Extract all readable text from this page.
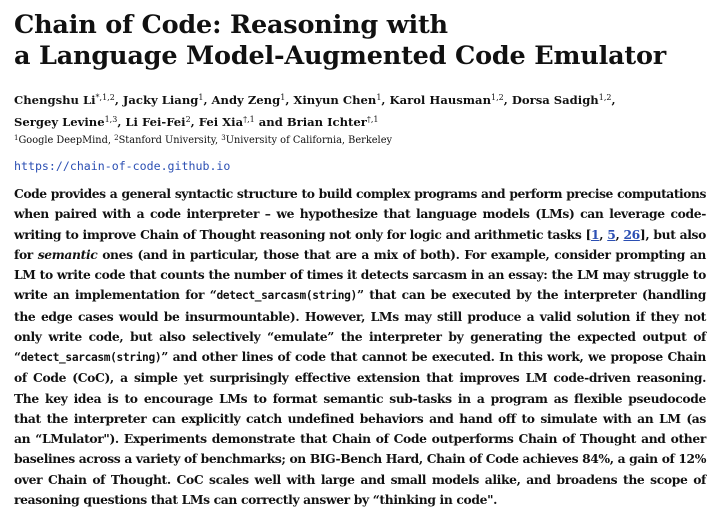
Chain of Code: Reasoning with
a Language Model-Augmented Code Emulator
Chengshu $Li^{*,1,2}$, Jacky Liang$^1$, Andy Zeng$^1$, Xinyun Chen$^1$, Karol Hausman$^{1,2}$, Dorsa Sadigh$^{1,2}$,
Sergey Levine$^{1,3}$, Li Fei-Fei$^2$, Fei Xia$^{\dagger,1}$ and Brian Ichter$^{\dagger,1}$
$^1$Google DeepMind, $^2$Stanford University, $^3$University of California, Berkeley
https://chain-of-code.github.io
Code provides a general syntactic structure to build complex programs and perform precise computations
when paired with a code interpreter – we hypothesize that language models (LMs) can leverage code-
writing to improve Chain of Thought reasoning not only for logic and arithmetic tasks [1, 5, 26], but also
for semantic ones (and in particular, those that are a mix of both). For example, consider prompting an
LM to write code that counts the number of times it detects sarcasm in an essay: the LM may struggle to
write an implementation for “detect_sarcasm(string)” that can be executed by the interpreter (handling
the edge cases would be insurmountable). However, LMs may still produce a valid solution if they not
only write code, but also selectively “emulate” the interpreter by generating the expected output of
“detect_sarcasm(string)” and other lines of code that cannot be executed. In this work, we propose Chain
of Code (CoC), a simple yet surprisingly effective extension that improves LM code-driven reasoning.
The key idea is to encourage LMs to format semantic sub-tasks in a program as flexible pseudocode
that the interpreter can explicitly catch undefined behaviors and hand off to simulate with an LM (as
an “LMulator"). Experiments demonstrate that Chain of Code outperforms Chain of Thought and other
baselines across a variety of benchmarks; on BIG-Bench Hard, Chain of Code achieves 84%, a gain of 12%
over Chain of Thought. CoC scales well with large and small models alike, and broadens the scope of
reasoning questions that LMs can correctly answer by “thinking in code".
